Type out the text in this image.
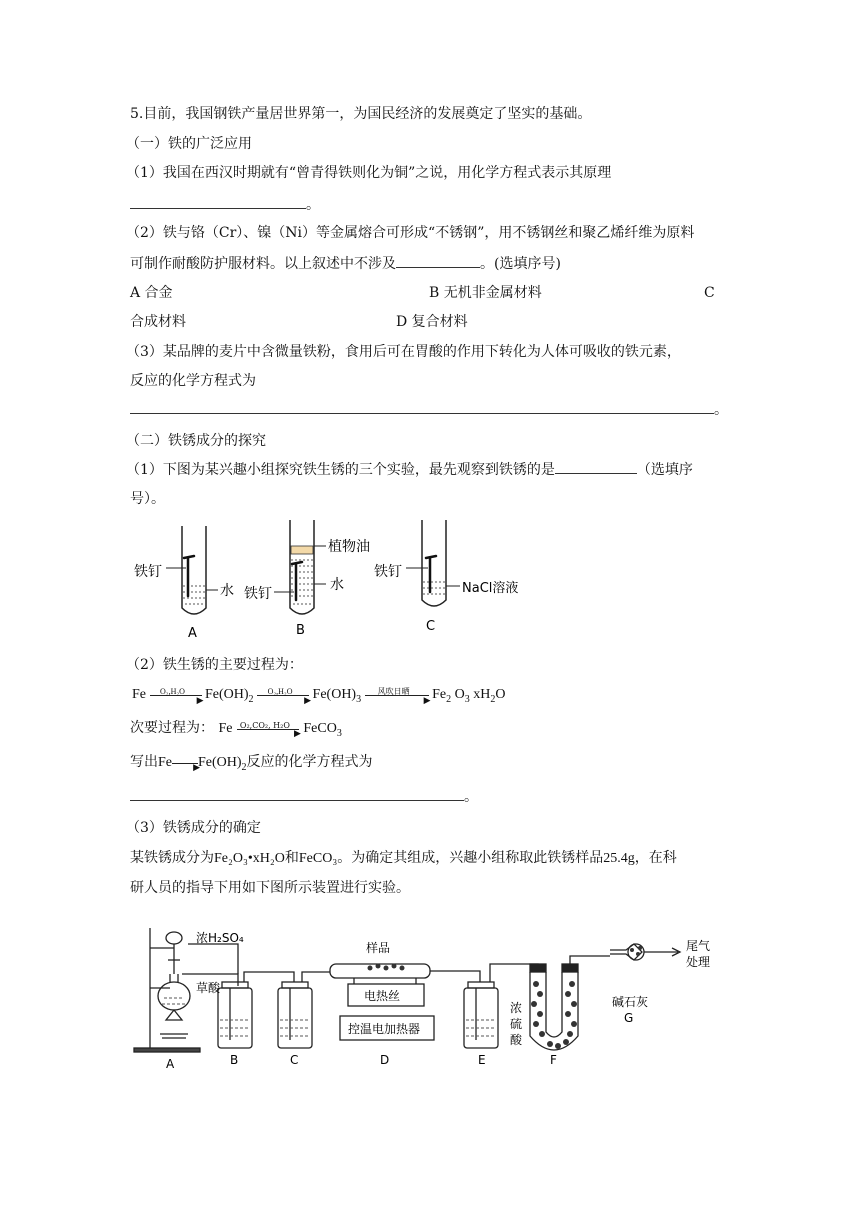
5.目前，我国钢铁产量居世界第一，为国民经济的发展奠定了坚实的基础。
（一）铁的广泛应用
（1）我国在西汉时期就有“曾青得铁则化为铜”之说，用化学方程式表示其原理
。
（2）铁与铬（Cr）、镍（Ni）等金属熔合可形成“不锈钢”，用不锈钢丝和聚乙烯纤维为原料
可制作耐酸防护服材料。以上叙述中不涉及	。(选填序号)
A 合金	B 无机非金属材料	C
合成材料	D 复合材料
（3）某品牌的麦片中含微量铁粉，食用后可在胃酸的作用下转化为人体可吸收的铁元素，
反应的化学方程式为
。
（二）铁锈成分的探究
（1）下图为某兴趣小组探究铁生锈的三个实验，最先观察到铁锈的是	（选填序
号）。
铁钉
水
植物油
铁钉
水
铁钉
NaCl溶液
A	B	C
（2）铁生锈的主要过程为：
Fe	O₂,H₂O
▶ $Fe(OH)_2$
O₂,H₂O
▶ $Fe(OH)_3$
风吹日晒
▶ $Fe_2$ $O_3$ $xH_2O$
次要过程为： Fe O₂,CO₂, H₂O
▶ FeCO$_3$
写出Fe ▶
$Fe(OH)_2$反应的化学方程式为
。
（3）铁锈成分的确定
某铁锈成分为Fe₂O₃•xH₂O和FeCO₃。为确定其组成，兴趣小组称取此铁锈样品25.4g，在科
研人员的指导下用如下图所示装置进行实验。
浓H₂SO₄
草酸
样品
电热丝
控温电加热器
浓
硫
酸
碱石灰
尾气
处理
A	B	C	D	E	F
G
